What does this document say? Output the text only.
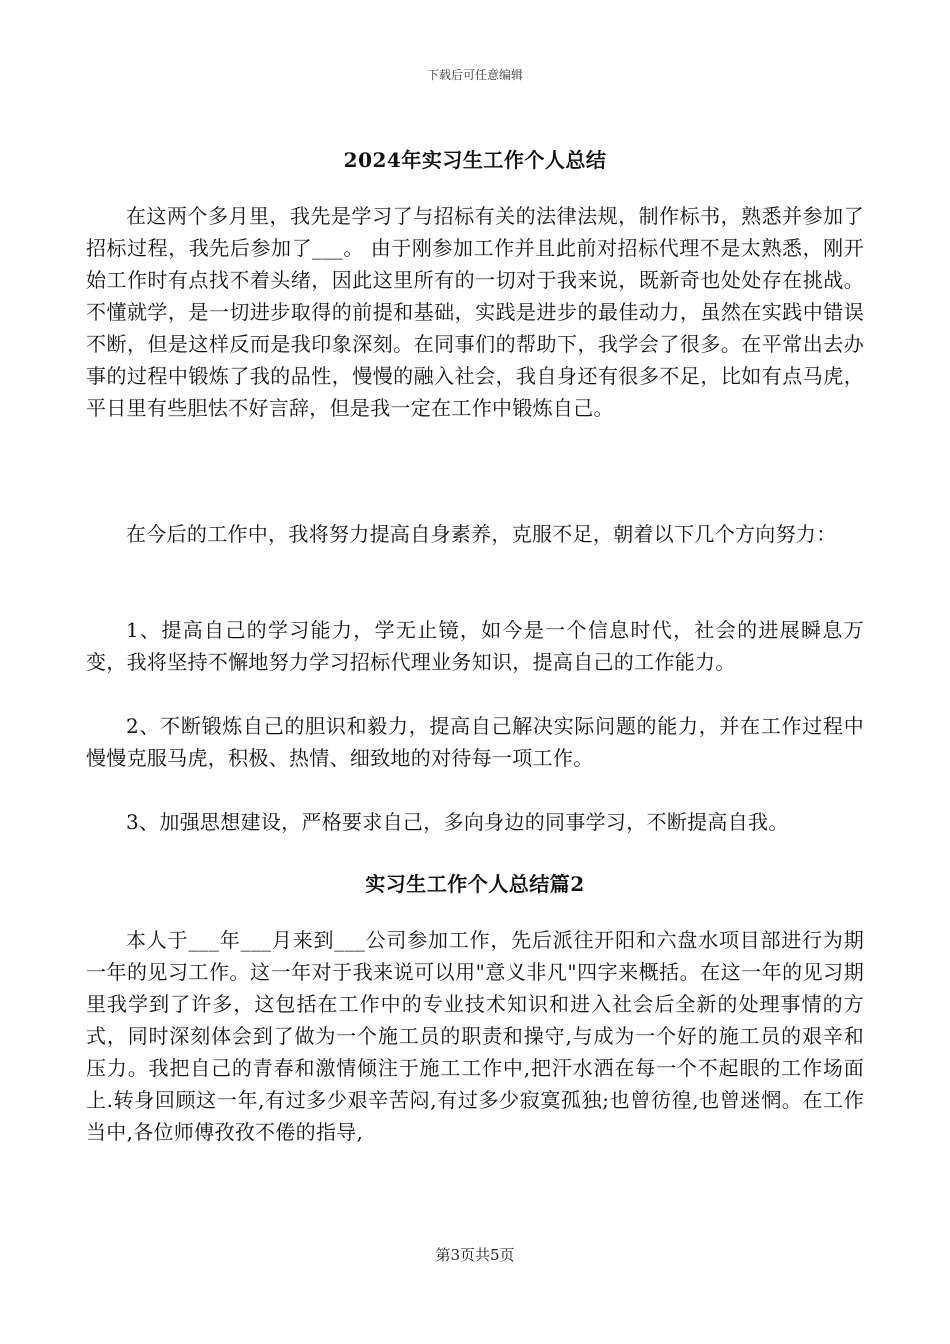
下载后可任意编辑
2024年实习生工作个人总结

在这两个多月里，我先是学习了与招标有关的法律法规，制作标书，熟悉并参加了招标过程，我先后参加了___。 由于刚参加工作并且此前对招标代理不是太熟悉，刚开始工作时有点找不着头绪，因此这里所有的一切对于我来说，既新奇也处处存在挑战。不懂就学，是一切进步取得的前提和基础，实践是进步的最佳动力，虽然在实践中错误不断，但是这样反而是我印象深刻。在同事们的帮助下，我学会了很多。在平常出去办事的过程中锻炼了我的品性，慢慢的融入社会，我自身还有很多不足，比如有点马虎，平日里有些胆怯不好言辞，但是我一定在工作中锻炼自己。

在今后的工作中，我将努力提高自身素养，克服不足，朝着以下几个方向努力：

1、提高自己的学习能力，学无止镜，如今是一个信息时代，社会的进展瞬息万变，我将坚持不懈地努力学习招标代理业务知识，提高自己的工作能力。

2、不断锻炼自己的胆识和毅力，提高自己解决实际问题的能力，并在工作过程中慢慢克服马虎，积极、热情、细致地的对待每一项工作。

3、加强思想建设，严格要求自己，多向身边的同事学习，不断提高自我。

实习生工作个人总结篇2

本人于___年___月来到___公司参加工作，先后派往开阳和六盘水项目部进行为期一年的见习工作。这一年对于我来说可以用"意义非凡"四字来概括。在这一年的见习期里我学到了许多，这包括在工作中的专业技术知识和进入社会后全新的处理事情的方式，同时深刻体会到了做为一个施工员的职责和操守,与成为一个好的施工员的艰辛和压力。我把自己的青春和激情倾注于施工工作中,把汗水洒在每一个不起眼的工作场面上.转身回顾这一年,有过多少艰辛苦闷,有过多少寂寞孤独;也曾彷徨,也曾迷惘。在工作当中,各位师傅孜孜不倦的指导,

第3页共5页
